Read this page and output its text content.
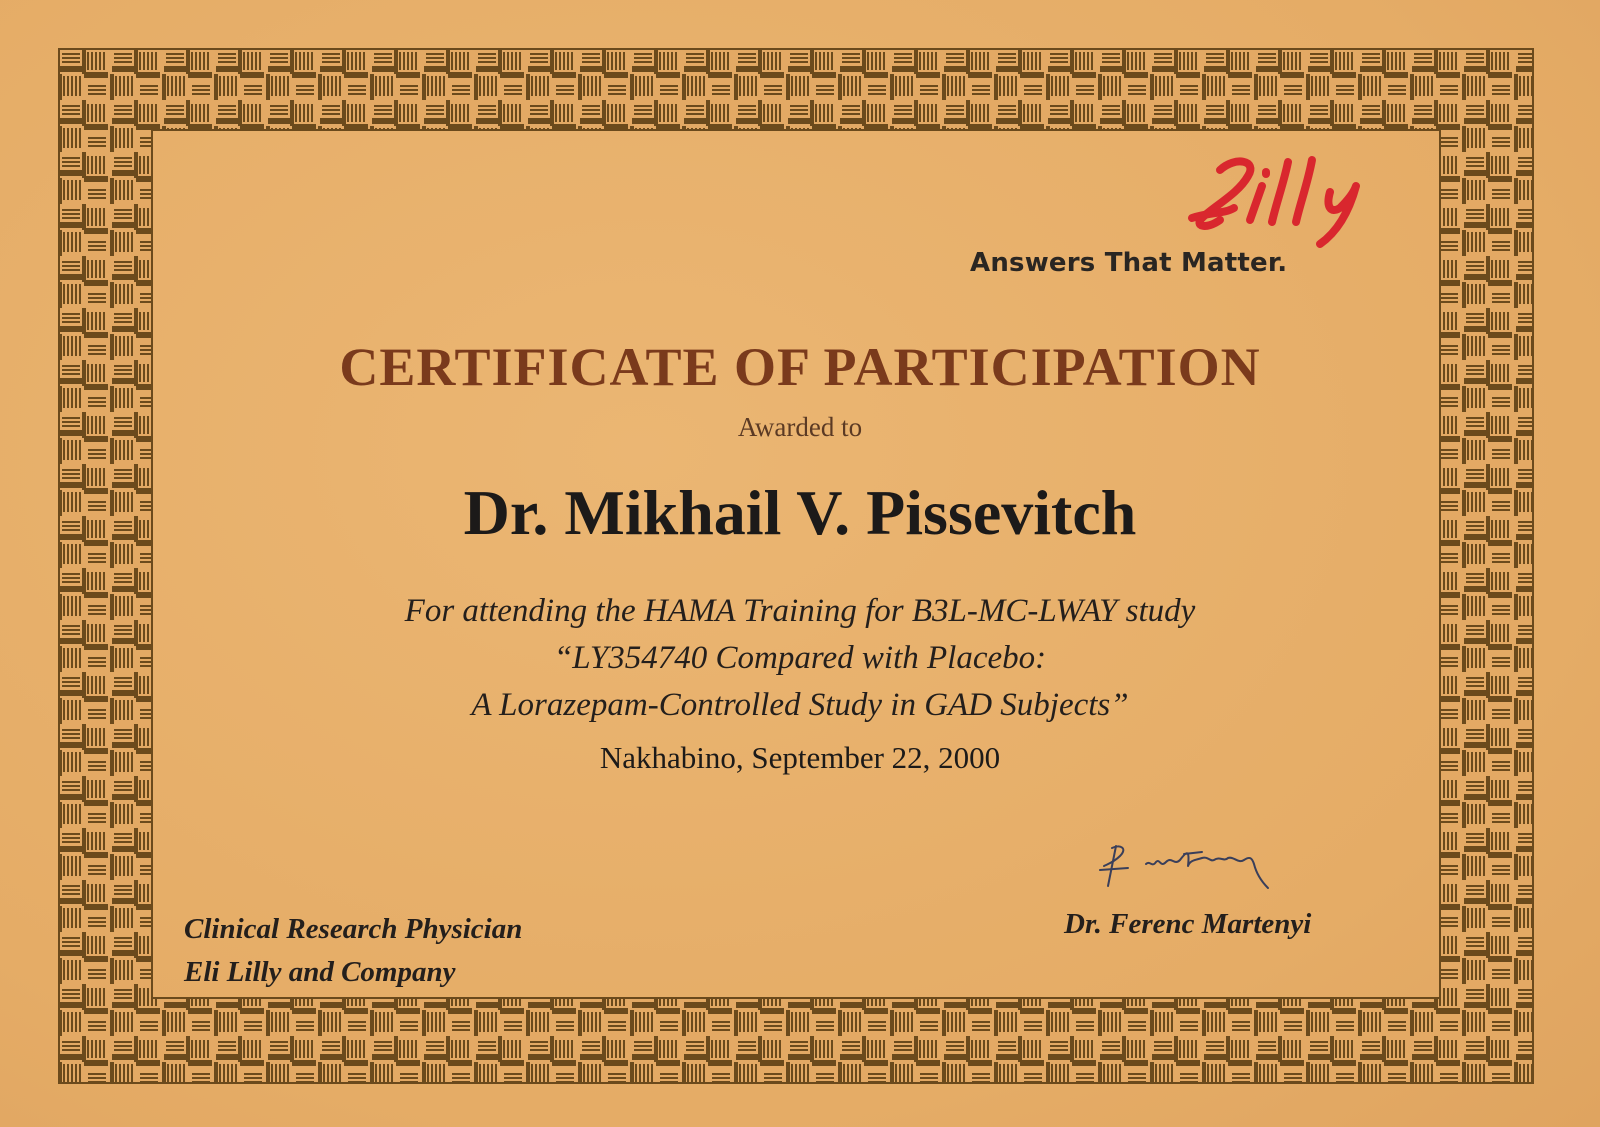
Answers That Matter.
CERTIFICATE OF PARTICIPATION
Awarded to
Dr. Mikhail V. Pissevitch
For attending the HAMA Training for B3L-MC-LWAY study
“LY354740 Compared with Placebo:
A Lorazepam-Controlled Study in GAD Subjects”
Nakhabino, September 22, 2000
Clinical Research Physician
Eli Lilly and Company
Dr. Ferenc Martenyi
